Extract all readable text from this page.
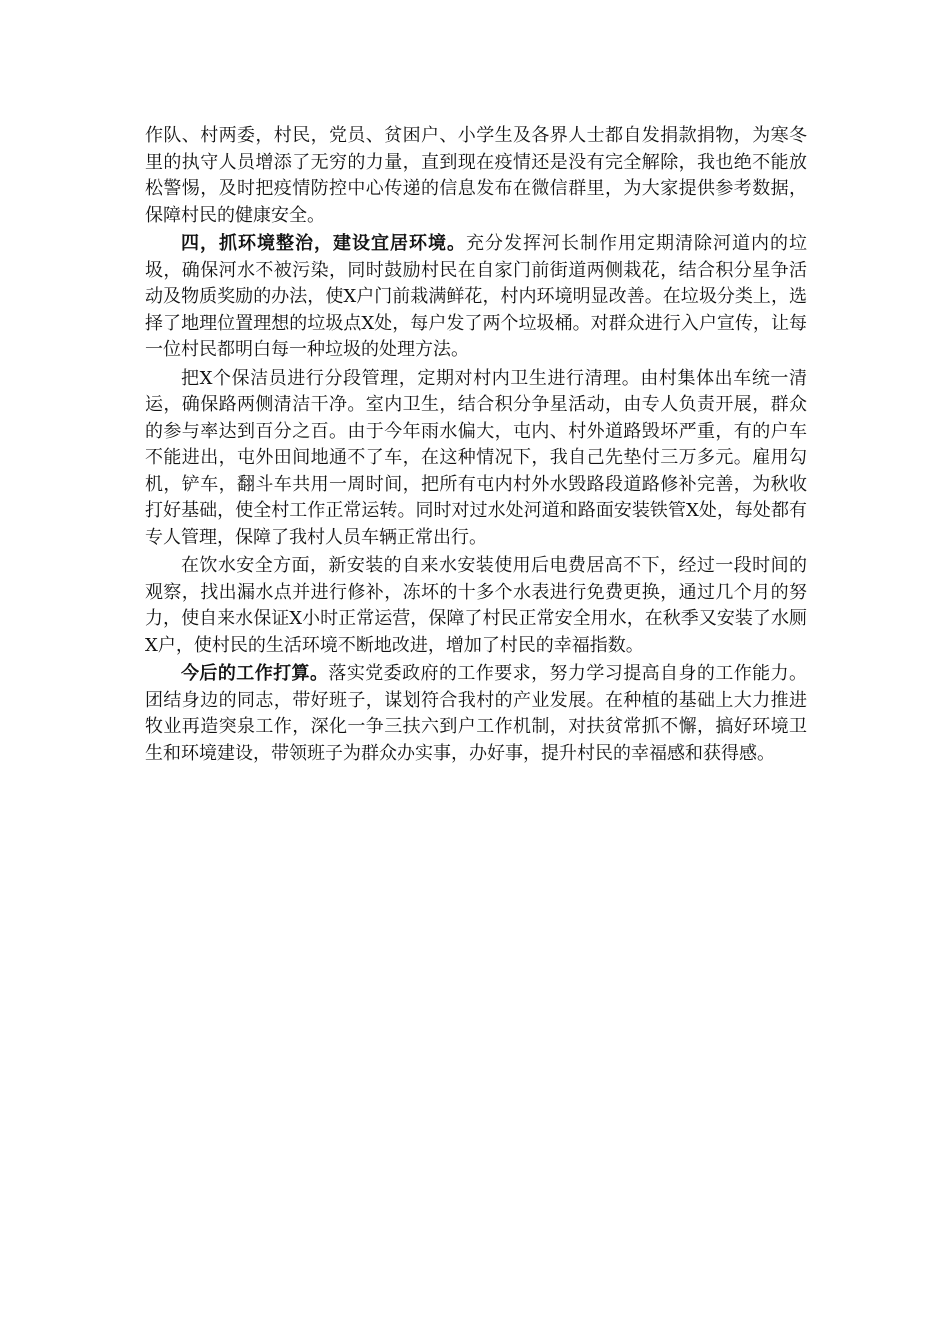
作队、村两委，村民，党员、贫困户、小学生及各界人士都自发捐款捐物，为寒冬里的执守人员增添了无穷的力量，直到现在疫情还是没有完全解除，我也绝不能放松警惕，及时把疫情防控中心传递的信息发布在微信群里，为大家提供参考数据，保障村民的健康安全。

四，抓环境整治，建设宜居环境。充分发挥河长制作用定期清除河道内的垃圾，确保河水不被污染，同时鼓励村民在自家门前街道两侧栽花，结合积分星争活动及物质奖励的办法，使X户门前栽满鲜花，村内环境明显改善。在垃圾分类上，选择了地理位置理想的垃圾点X处，每户发了两个垃圾桶。对群众进行入户宣传，让每一位村民都明白每一种垃圾的处理方法。

把X个保洁员进行分段管理，定期对村内卫生进行清理。由村集体出车统一清运，确保路两侧清洁干净。室内卫生，结合积分争星活动，由专人负责开展，群众的参与率达到百分之百。由于今年雨水偏大，屯内、村外道路毁坏严重，有的户车不能进出，屯外田间地通不了车，在这种情况下，我自己先垫付三万多元。雇用勾机，铲车，翻斗车共用一周时间，把所有屯内村外水毁路段道路修补完善，为秋收打好基础，使全村工作正常运转。同时对过水处河道和路面安装铁管X处，每处都有专人管理，保障了我村人员车辆正常出行。

在饮水安全方面，新安装的自来水安装使用后电费居高不下，经过一段时间的观察，找出漏水点并进行修补，冻坏的十多个水表进行免费更换，通过几个月的努力，使自来水保证X小时正常运营，保障了村民正常安全用水，在秋季又安装了水厕X户，使村民的生活环境不断地改进，增加了村民的幸福指数。

今后的工作打算。落实党委政府的工作要求，努力学习提高自身的工作能力。团结身边的同志，带好班子，谋划符合我村的产业发展。在种植的基础上大力推进牧业再造突泉工作，深化一争三扶六到户工作机制，对扶贫常抓不懈，搞好环境卫生和环境建设，带领班子为群众办实事，办好事，提升村民的幸福感和获得感。
